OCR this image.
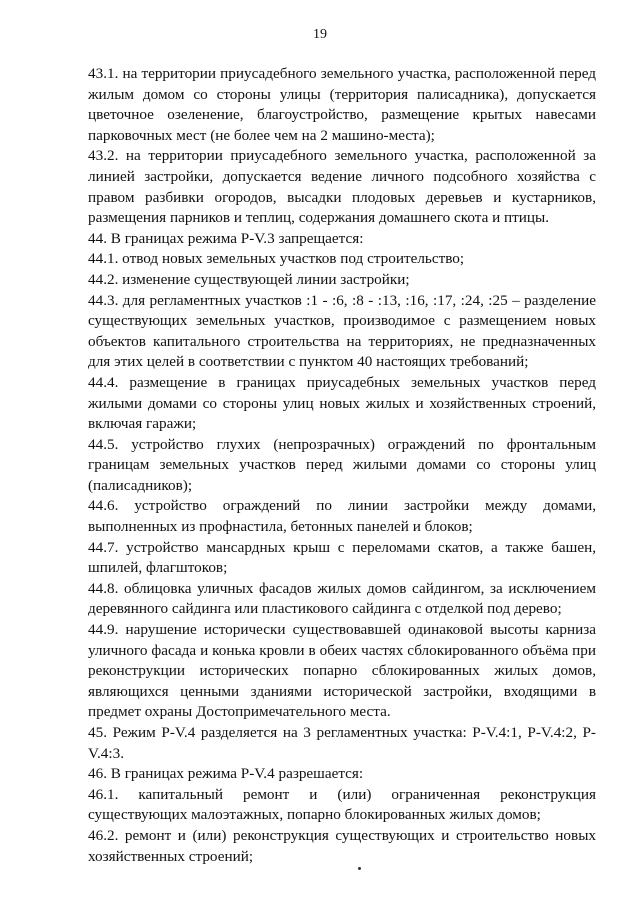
19

43.1. на территории приусадебного земельного участка, расположенной перед жилым домом со стороны улицы (территория палисадника), допускается цветочное озеленение, благоустройство, размещение крытых навесами парковочных мест (не более чем на 2 машино-места);

43.2. на территории приусадебного земельного участка, расположенной за линией застройки, допускается ведение личного подсобного хозяйства с правом разбивки огородов, высадки плодовых деревьев и кустарников, размещения парников и теплиц, содержания домашнего скота и птицы.

44. В границах режима Р-V.3 запрещается:

44.1. отвод новых земельных участков под строительство;

44.2. изменение существующей линии застройки;

44.3. для регламентных участков :1 - :6, :8 - :13, :16, :17, :24, :25 – разделение существующих земельных участков, производимое с размещением новых объектов капитального строительства на территориях, не предназначенных для этих целей в соответствии с пунктом 40 настоящих требований;

44.4. размещение в границах приусадебных земельных участков перед жилыми домами со стороны улиц новых жилых и хозяйственных строений, включая гаражи;

44.5. устройство глухих (непрозрачных) ограждений по фронтальным границам земельных участков перед жилыми домами со стороны улиц (палисадников);

44.6. устройство ограждений по линии застройки между домами, выполненных из профнастила, бетонных панелей и блоков;

44.7. устройство мансардных крыш с переломами скатов, а также башен, шпилей, флагштоков;

44.8. облицовка уличных фасадов жилых домов сайдингом, за исключением деревянного сайдинга или пластикового сайдинга с отделкой под дерево;

44.9. нарушение исторически существовавшей одинаковой высоты карниза уличного фасада и конька кровли в обеих частях сблокированного объёма при реконструкции исторических попарно сблокированных жилых домов, являющихся ценными зданиями исторической застройки, входящими в предмет охраны Достопримечательного места.

45. Режим Р-V.4 разделяется на 3 регламентных участка: Р-V.4:1, Р-V.4:2, Р-V.4:3.

46. В границах режима Р-V.4 разрешается:

46.1. капитальный ремонт и (или) ограниченная реконструкция существующих малоэтажных, попарно блокированных жилых домов;

46.2. ремонт и (или) реконструкция существующих и строительство новых хозяйственных строений;
